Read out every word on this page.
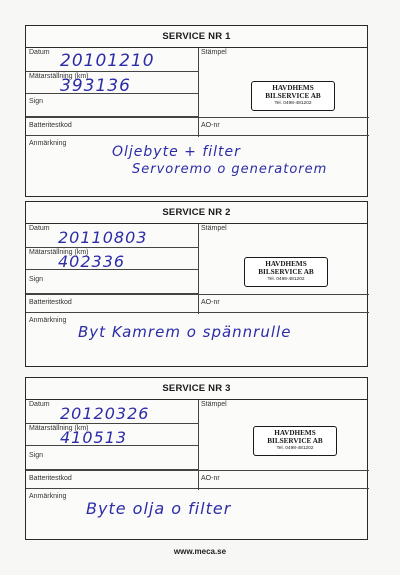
SERVICE NR 1
Datum 20101210
Mätarställning (km)
393136
Sign
Stämpel
HAVDHEMS
BILSERVICE AB
Tel. 0498-481202
Batteritestkod	AO-nr
Anmärkning
Oljebyte + filter
Servoremo o generatorem
SERVICE NR 2
Datum 20110803
Mätarställning (km)
402336
Sign
Stämpel
HAVDHEMS
BILSERVICE AB
Tel. 0498-481202
Batteritestkod	AO-nr
Anmärkning
Byt Kamrem o spännrulle
SERVICE NR 3
Datum 20120326
Mätarställning (km)
410513
Sign
Stämpel
HAVDHEMS
BILSERVICE AB
Tel. 0498-481202
Batteritestkod	AO-nr
Anmärkning
Byte olja o filter
www.meca.se
